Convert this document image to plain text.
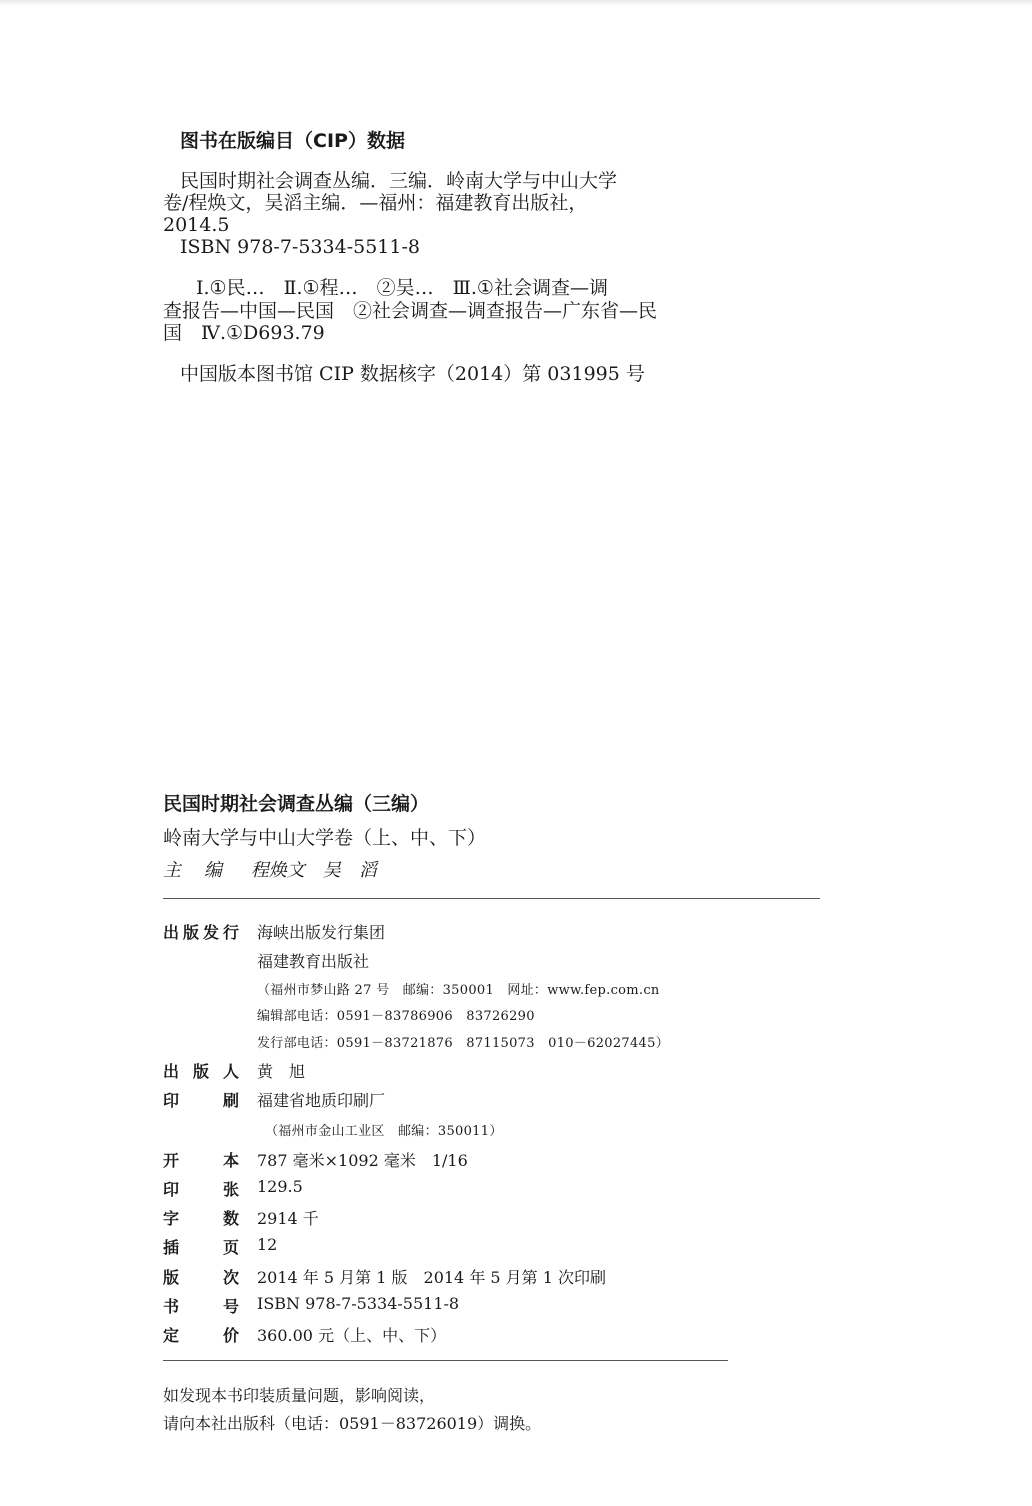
图书在版编目（CIP）数据
民国时期社会调查丛编．三编．岭南大学与中山大学
卷/程焕文，吴滔主编．—福州：福建教育出版社，
2014.5
ISBN 978-7-5334-5511-8
Ⅰ.①民…　Ⅱ.①程…　②吴…　Ⅲ.①社会调查—调
查报告—中国—民国　②社会调查—调查报告—广东省—民
国　Ⅳ.①D693.79
中国版本图书馆 CIP 数据核字（2014）第 031995 号
民国时期社会调查丛编（三编）
岭南大学与中山大学卷（上、中、下）
主 编 程焕文　吴　滔
出 版 发 行 海峡出版发行集团
福建教育出版社
（福州市梦山路 27 号　邮编：350001　网址：www.fep.com.cn
编辑部电话：0591－83786906　83726290
发行部电话：0591－83721876　87115073　010－62027445）
出 版 人 黄　旭
印	刷 福建省地质印刷厂
（福州市金山工业区　邮编：350011）
开	本 787 毫米×1092 毫米　1/16
印	张 129.5
字	数 2914 千
插	页 12
版	次 2014 年 5 月第 1 版　2014 年 5 月第 1 次印刷
书	号 ISBN 978-7-5334-5511-8
定	价 360.00 元（上、中、下）
如发现本书印装质量问题，影响阅读，
请向本社出版科（电话：0591－83726019）调换。
